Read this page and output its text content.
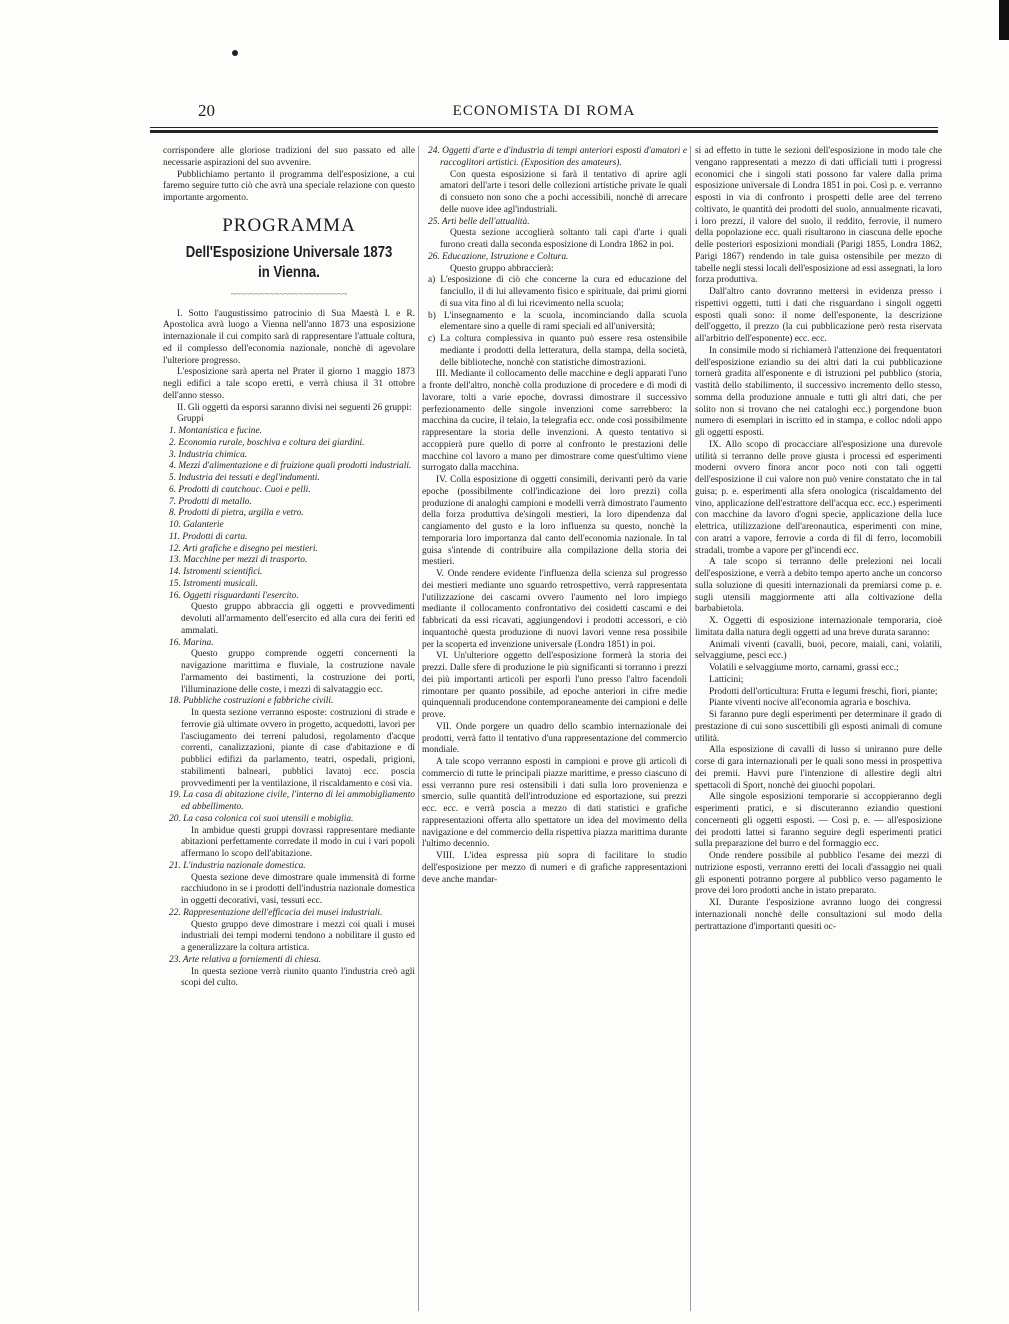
20	ECONOMISTA DI ROMA

corrispondere alle gloriose tradizioni del suo passato ed alle necessarie aspirazioni del suo avvenire.

Pubblichiamo pertanto il programma dell'esposizione, a cui faremo seguire tutto ciò che avrà una speciale relazione con questo importante argomento.

PROGRAMMA
Dell'Esposizione Universale 1873 in Vienna.
~~~~~~~~~~~~~~~~~~~~~~~~

I. Sotto l'augustissimo patrocinio di Sua Maestà I. e R. Apostolica avrà luogo a Vienna nell'anno 1873 una esposizione internazionale il cui compito sarà di rappresentare l'attuale coltura, ed il complesso dell'economia nazionale, nonchè di agevolare l'ulteriore progresso.

L'esposizione sarà aperta nel Prater il giorno 1 maggio 1873 negli edifici a tale scopo eretti, e verrà chiusa il 31 ottobre dell'anno stesso.

II. Gli oggetti da esporsi saranno divisi nei seguenti 26 gruppi:

Gruppi

1. Montanistica e fucine.
2. Economia rurale, boschiva e coltura dei giardini.
3. Industria chimica.
4. Mezzi d'alimentazione e di fruizione quali prodotti industriali.
5. Industria dei tessuti e degl'indumenti.
6. Prodotti di cautchouc. Cuoi e pelli.
7. Prodotti di metallo.
8. Prodotti di pietra, argilla e vetro.
10. Galanterie
11. Prodotti di carta.
12. Arti grafiche e disegno pei mestieri.
13. Macchine per mezzi di trasporto.
14. Istromenti scientifici.
15. Istromenti musicali.
16. Oggetti risguardanti l'esercito.

Questo gruppo abbraccia gli oggetti e provvedimenti devoluti all'armamento dell'esercito ed alla cura dei feriti ed ammalati.

16. Marina.

Questo gruppo comprende oggetti concernenti la navigazione marittima e fluviale, la costruzione navale l'armamento dei bastimenti, la costruzione dei porti, l'illuminazione delle coste, i mezzi di salvataggio ecc.

18. Pubbliche costruzioni e fabbriche civili.

In questa sezione verranno esposte: costruzioni di strade e ferrovie già ultimate ovvero in progetto, acquedotti, lavori per l'asciugamento dei terreni paludosi, regolamento d'acque correnti, canalizzazioni, piante di case d'abitazione e di pubblici edifizi da parlamento, teatri, ospedali, prigioni, stabilimenti balneari, pubblici lavatoj ecc. poscia provvedimenti per la ventilazione, il riscaldamento e così via.

19. La casa di abitazione civile, l'interno di lei ammobigliamento ed abbellimento.
20. La casa colonica coi suoi utensili e mobiglia.

In ambidue questi gruppi dovrassi rappresentare mediante abitazioni perfettamente corredate il modo in cui i vari popoli affermano lo scopo dell'abitazione.

21. L'industria nazionale domestica.

Questa sezione deve dimostrare quale immensità di forme racchiudono in se i prodotti dell'industria nazionale domestica in oggetti decorativi, vasi, tessuti ecc.

22. Rappresentazione dell'efficacia dei musei industriali.

Questo gruppo deve dimostrare i mezzi coi quali i musei industriali dei tempi moderni tendono a nobilitare il gusto ed a generalizzare la coltura artistica.

23. Arte relativa a forniementi di chiesa.

In questa sezione verrà riunito quanto l'industria creò agli scopi del culto.

24. Oggetti d'arte e d'industria di tempi anteriori esposti d'amatori e raccoglitori artistici. (Exposition des amateurs).

Con questa esposizione si farà il tentativo di aprire agli amatori dell'arte i tesori delle collezioni artistiche private le quali di consueto non sono che a pochi accessibili, nonchè di arrecare delle nuove idee agl'industriali.

25. Arti belle dell'attualità.

Questa sezione accoglierà soltanto tali capi d'arte i quali furono creati dalla seconda esposizione di Londra 1862 in poi.

26. Educazione, Istruzione e Coltura.

Questo gruppo abbraccierà:

a) L'esposizione di ciò che concerne la cura ed educazione del fanciullo, il di lui allevamento fisico e spirituale, dai primi giorni di sua vita fino al di lui ricevimento nella scuola;
b) L'insegnamento e la scuola, incominciando dalla scuola elementare sino a quelle di rami speciali ed all'università;
c) La coltura complessiva in quanto può essere resa ostensibile mediante i prodotti della letteratura, della stampa, della società, delle biblioteche, nonchè con statistiche dimostrazioni.

III. Mediante il collocamento delle macchine e degli apparati l'uno a fronte dell'altro, nonchè colla produzione di procedere e di modi di lavorare, tolti a varie epoche, dovrassi dimostrare il successivo perfezionamento delle singole invenzioni come sarrebbero: la macchina da cucire, il telaio, la telegrafia ecc. onde così possibilmente rappresentare la storia delle invenzioni. A questo tentativo si accoppierà pure quello di porre al confronto le prestazioni delle macchine col lavoro a mano per dimostrare come quest'ultimo viene surrogato dalla macchina.

IV. Colla esposizione di oggetti consimili, derivanti però da varie epoche (possibilmente coll'indicazione dei loro prezzi) colla produzione di analoghi campioni e modelli verrà dimostrato l'aumento della forza produttiva de'singoli mestieri, la loro dipendenza dal cangiamento del gusto e la loro influenza su questo, nonchè la temporaria loro importanza dal canto dell'economia nazionale. In tal guisa s'intende di contribuire alla compilazione della storia dei mestieri.

V. Onde rendere evidente l'influenza della scienza sul progresso dei mestieri mediante uno sguardo retrospettivo, verrà rappresentata l'utilizzazione dei cascami ovvero l'aumento nel loro impiego mediante il collocamento confrontativo dei cosidetti cascami e dei fabbricati da essi ricavati, aggiungendovi i prodotti accessori, e ciò inquantochè questa produzione di nuovi lavori venne resa possibile per la scoperta ed invenzione universale (Londra 1851) in poi.

VI. Un'ulteriore oggetto dell'esposizione formerà la storia dei prezzi. Dalle sfere di produzione le più significanti si torranno i prezzi dei più importanti articoli per esporli l'uno presso l'altro facendoli rimontare per quanto possibile, ad epoche anteriori in cifre medie quinquennali producendone contemporaneamente dei campioni e delle prove.

VII. Onde porgere un quadro dello scambio internazionale dei prodotti, verrà fatto il tentativo d'una rappresentazione del commercio mondiale.

A tale scopo verranno esposti in campioni e prove gli articoli di commercio di tutte le principali piazze marittime, e presso ciascuno di essi verranno pure resi ostensibili i dati sulla loro provenienza e smercio, sulle quantità dell'introduzione ed esportazione, sui prezzi ecc. ecc. e verrà poscia a mezzo di dati statistici e grafiche rappresentazioni offerta allo spettatore un idea del movimento della navigazione e del commercio della rispettiva piazza marittima durante l'ultimo decennio.

VIII. L'idea espressa più sopra di facilitare lo studio dell'esposizione per mezzo di numeri e di grafiche rappresentazioni deve anche mandar-

si ad effetto in tutte le sezioni dell'esposizione in modo tale che vengano rappresentati a mezzo di dati ufficiali tutti i progressi economici che i singoli stati possono far valere dalla prima esposizione universale di Londra 1851 in poi. Così p. e. verranno esposti in via di confronto i prospetti delle aree del terreno coltivato, le quantità dei prodotti del suolo, annualmente ricavati, i loro prezzi, il valore del suolo, il reddito, ferrovie, il numero della popolazione ecc. quali risultarono in ciascuna delle epoche delle posteriori esposizioni mondiali (Parigi 1855, Londra 1862, Parigi 1867) rendendo in tale guisa ostensibile per mezzo di tabelle negli stessi locali dell'esposizione ad essi assegnati, la loro forza produttiva.

Dall'altro canto dovranno mettersi in evidenza presso i rispettivi oggetti, tutti i dati che risguardano i singoli oggetti esposti quali sono: il nome dell'esponente, la descrizione dell'oggetto, il prezzo (la cui pubblicazione però resta riservata all'arbitrio dell'esponente) ecc. ecc.

In consimile modo si richiamerà l'attenzione dei frequentatori dell'esposizione eziandio su dei altri dati la cui pubblicazione tornerà gradita all'esponente e di istruzioni pel pubblico (storia, vastità dello stabilimento, il successivo incremento dello stesso, somma della produzione annuale e tutti gli altri dati, che per solito non si trovano che nei cataloghi ecc.) porgendone buon numero di esemplari in iscritto ed in stampa, e colloc ndoli appo gli oggetti esposti.

IX. Allo scopo di procacciare all'esposizione una durevole utilità si terranno delle prove giusta i processi ed esperimenti moderni ovvero finora ancor poco noti con tali oggetti dell'esposizione il cui valore non può venire constatato che in tal guisa; p. e. esperimenti alla sfera onologica (riscaldamento del vino, applicazione dell'estrattore dell'acqua ecc. ecc.) esperimenti con macchine da lavoro d'ogni specie, applicazione della luce elettrica, utilizzazione dell'areonautica, esperimenti con mine, con aratri a vapore, ferrovie a corda di fil di ferro, locomobili stradali, trombe a vapore per gl'incendi ecc.

A tale scopo si terranno delle prelezioni nei locali dell'esposizione, e verrà a debito tempo aperto anche un concorso sulla soluzione di quesiti internazionali da premiarsi come p. e. sugli utensili maggiormente atti alla coltivazione della barbabietola.

X. Oggetti di esposizione internazionale temporaria, cioè limitata dalla natura degli oggetti ad una breve durata saranno:

Animali viventi (cavalli, buoi, pecore, maiali, cani, volatili, selvaggiume, pesci ecc.)

Volatili e selvaggiume morto, carnami, grassi ecc.;

Latticini;

Prodotti dell'orticultura: Frutta e legumi freschi, fiori, piante;

Piante viventi nocive all'economia agraria e boschiva.

Si faranno pure degli esperimenti per determinare il grado di prestazione di cui sono suscettibili gli esposti animali di comune utilità.

Alla esposizione di cavalli di lusso si uniranno pure delle corse di gara internazionali per le quali sono messi in prospettiva dei premii. Havvi pure l'intenzione di allestire degli altri spettacoli di Sport, nonchè dei giuochi popolari.

Alle singole esposizioni temporarie si accoppieranno degli esperimenti pratici, e si discuteranno eziandio questioni concernenti gli oggetti esposti. — Così p. e. — all'esposizione dei prodotti lattei si faranno seguire degli esperimenti pratici sulla preparazione del burro e del formaggio ecc.

Onde rendere possibile al pubblico l'esame dei mezzi di nutrizione esposti, verranno eretti dei locali d'assaggio nei quali gli esponenti potranno porgere al pubblico verso pagamento le prove dei loro prodotti anche in istato preparato.

XI. Durante l'esposizione avranno luogo dei congressi internazionali nonchè delle consultazioni sul modo della pertrattazione d'importanti quesiti oc-
